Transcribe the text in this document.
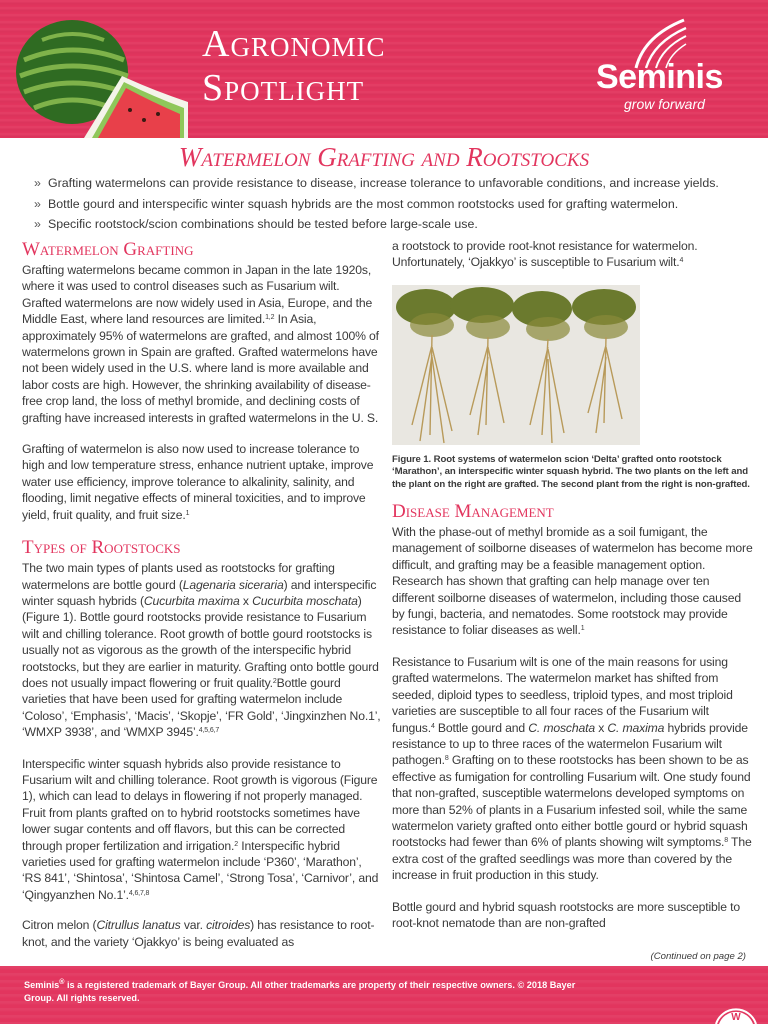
Agronomic
Spotlight	Seminis
grow forward
Watermelon Grafting and Rootstocks
» Grafting watermelons can provide resistance to disease, increase tolerance to unfavorable conditions, and increase yields.
» Bottle gourd and interspecific winter squash hybrids are the most common rootstocks used for grafting watermelon.
» Specific rootstock/scion combinations should be tested before large-scale use.
Watermelon Grafting

Grafting watermelons became common in Japan in the late 1920s, where it was used to control diseases such as Fusarium wilt. Grafted watermelons are now widely used in Asia, Europe, and the Middle East, where land resources are limited.$^{1,2}$ In Asia, approximately 95% of watermelons are grafted, and almost 100% of watermelons grown in Spain are grafted. Grafted watermelons have not been widely used in the U.S. where land is more available and labor costs are high. However, the shrinking availability of disease-free crop land, the loss of methyl bromide, and declining costs of grafting have increased interests in grafted watermelons in the U. S.

Grafting of watermelon is also now used to increase tolerance to high and low temperature stress, enhance nutrient uptake, improve water use efficiency, improve tolerance to alkalinity, salinity, and flooding, limit negative effects of mineral toxicities, and to improve yield, fruit quality, and fruit size.$^1$

Types of Rootstocks

The two main types of plants used as rootstocks for grafting watermelons are bottle gourd (Lagenaria siceraria) and interspecific winter squash hybrids (Cucurbita maxima x Cucurbita moschata) (Figure 1). Bottle gourd rootstocks provide resistance to Fusarium wilt and chilling tolerance. Root growth of bottle gourd rootstocks is usually not as vigorous as the growth of the interspecific hybrid rootstocks, but they are earlier in maturity. Grafting onto bottle gourd does not usually impact flowering or fruit quality.$^2$Bottle gourd varieties that have been used for grafting watermelon include ‘Coloso’, ‘Emphasis’, ‘Macis’, ‘Skopje’, ‘FR Gold’, ‘Jingxinzhen No.1’, ‘WMXP 3938’, and ‘WMXP 3945’.$^{4,5,6,7}$

Interspecific winter squash hybrids also provide resistance to Fusarium wilt and chilling tolerance. Root growth is vigorous (Figure 1), which can lead to delays in flowering if not properly managed. Fruit from plants grafted on to hybrid rootstocks sometimes have lower sugar contents and off flavors, but this can be corrected through proper fertilization and irrigation.$^2$ Interspecific hybrid varieties used for grafting watermelon include ‘P360’, ‘Marathon’, ‘RS 841’, ‘Shintosa’, ‘Shintosa Camel’, ‘Strong Tosa’, ‘Carnivor’, and ‘Qingyanzhen No.1’.$^{4,6,7,8}$

Citron melon (Citrullus lanatus var. citroides) has resistance to root-knot, and the variety ‘Ojakkyo’ is being evaluated as

a rootstock to provide root-knot resistance for watermelon. Unfortunately, ‘Ojakkyo’ is susceptible to Fusarium wilt.$^4$

Figure 1. Root systems of watermelon scion ‘Delta’ grafted onto rootstock ‘Marathon’, an interspecific winter squash hybrid. The two plants on the left and the plant on the right are grafted. The second plant from the right is non-grafted.

Disease Management

With the phase-out of methyl bromide as a soil fumigant, the management of soilborne diseases of watermelon has become more difficult, and grafting may be a feasible management option. Research has shown that grafting can help manage over ten different soilborne diseases of watermelon, including those caused by fungi, bacteria, and nematodes. Some rootstock may provide resistance to foliar diseases as well.$^1$

Resistance to Fusarium wilt is one of the main reasons for using grafted watermelons. The watermelon market has shifted from seeded, diploid types to seedless, triploid types, and most triploid varieties are susceptible to all four races of the Fusarium wilt fungus.$^4$ Bottle gourd and C. moschata x C. maxima hybrids provide resistance to up to three races of the watermelon Fusarium wilt pathogen.$^8$ Grafting on to these rootstocks has been shown to be as effective as fumigation for controlling Fusarium wilt. One study found that non-grafted, susceptible watermelons developed symptoms on more than 52% of plants in a Fusarium infested soil, while the same watermelon variety grafted onto either bottle gourd or hybrid squash rootstocks had fewer than 6% of plants showing wilt symptoms.$^8$ The extra cost of the grafted seedlings was more than covered by the increase in fruit production in this study.

Bottle gourd and hybrid squash rootstocks are more susceptible to root-knot nematode than are non-grafted

(Continued on page 2)

Seminis® is a registered trademark of Bayer Group. All other trademarks are property of their respective owners. © 2018 Bayer Group. All rights reserved.

W
